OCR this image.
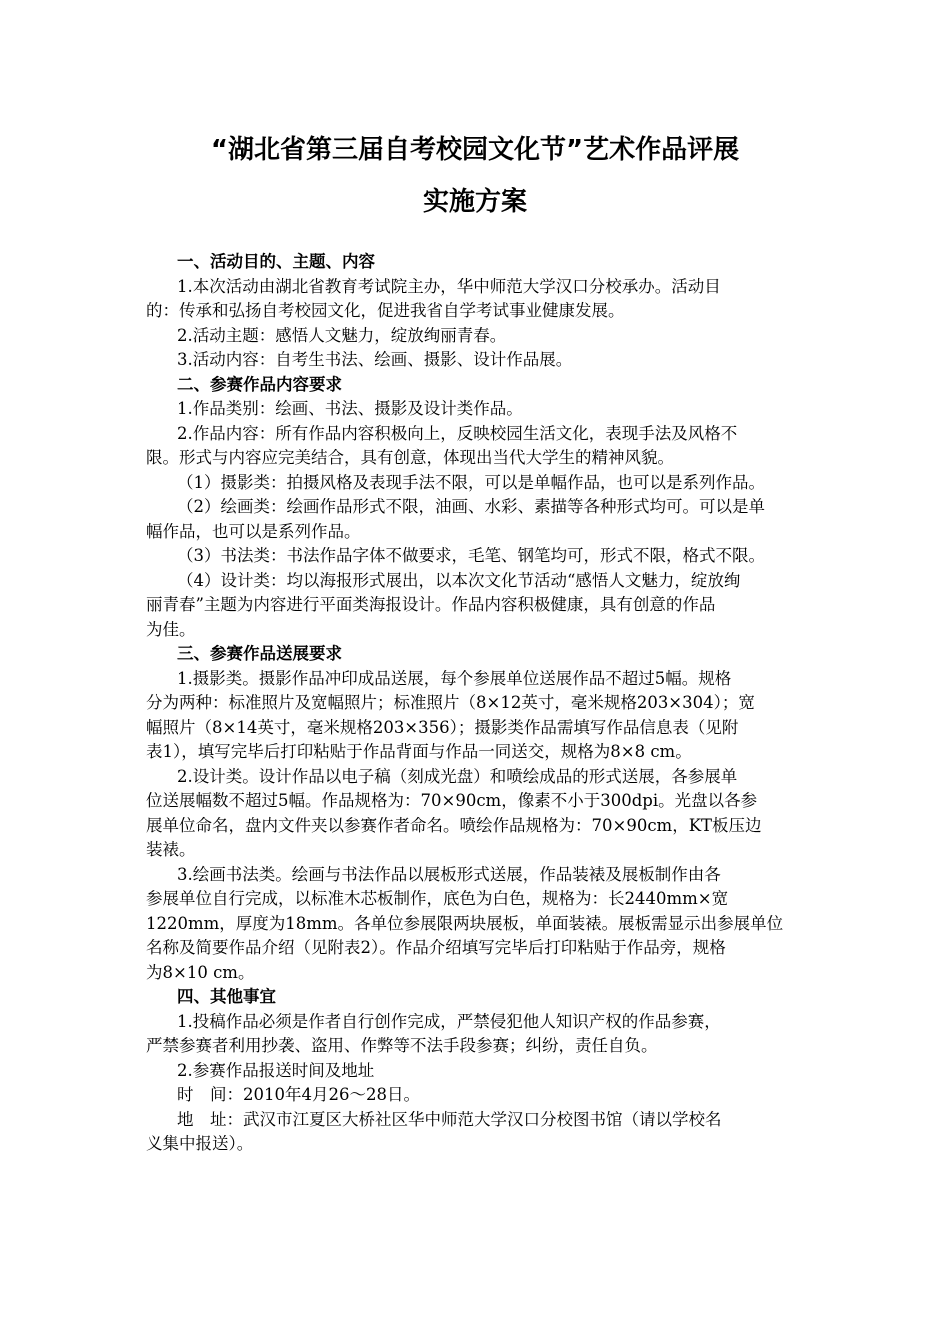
“湖北省第三届自考校园文化节”艺术作品评展
实施方案

一、活动目的、主题、内容

1.本次活动由湖北省教育考试院主办，华中师范大学汉口分校承办。活动目
的：传承和弘扬自考校园文化，促进我省自学考试事业健康发展。

2.活动主题：感悟人文魅力，绽放绚丽青春。

3.活动内容：自考生书法、绘画、摄影、设计作品展。

二、参赛作品内容要求

1.作品类别：绘画、书法、摄影及设计类作品。

2.作品内容：所有作品内容积极向上，反映校园生活文化，表现手法及风格不
限。形式与内容应完美结合，具有创意，体现出当代大学生的精神风貌。

（1）摄影类：拍摄风格及表现手法不限，可以是单幅作品，也可以是系列作品。

（2）绘画类：绘画作品形式不限，油画、水彩、素描等各种形式均可。可以是单
幅作品，也可以是系列作品。

（3）书法类：书法作品字体不做要求，毛笔、钢笔均可，形式不限，格式不限。

（4）设计类：均以海报形式展出，以本次文化节活动“感悟人文魅力，绽放绚
丽青春”主题为内容进行平面类海报设计。作品内容积极健康，具有创意的作品
为佳。

三、参赛作品送展要求

1.摄影类。摄影作品冲印成品送展，每个参展单位送展作品不超过5幅。规格
分为两种：标准照片及宽幅照片；标准照片（8×12英寸，毫米规格203×304）；宽
幅照片（8×14英寸，毫米规格203×356）；摄影类作品需填写作品信息表（见附
表1），填写完毕后打印粘贴于作品背面与作品一同送交，规格为8×8 cm。

2.设计类。设计作品以电子稿（刻成光盘）和喷绘成品的形式送展，各参展单
位送展幅数不超过5幅。作品规格为：70×90cm，像素不小于300dpi。光盘以各参
展单位命名，盘内文件夹以参赛作者命名。喷绘作品规格为：70×90cm，KT板压边
装裱。

3.绘画书法类。绘画与书法作品以展板形式送展，作品装裱及展板制作由各
参展单位自行完成，以标准木芯板制作，底色为白色，规格为：长2440mm×宽
1220mm，厚度为18mm。各单位参展限两块展板，单面装裱。展板需显示出参展单位
名称及简要作品介绍（见附表2）。作品介绍填写完毕后打印粘贴于作品旁，规格
为8×10 cm。

四、其他事宜

1.投稿作品必须是作者自行创作完成，严禁侵犯他人知识产权的作品参赛，
严禁参赛者利用抄袭、盗用、作弊等不法手段参赛；纠纷，责任自负。

2.参赛作品报送时间及地址

时　间：2010年4月26～28日。

地　址：武汉市江夏区大桥社区华中师范大学汉口分校图书馆（请以学校名
义集中报送）。
